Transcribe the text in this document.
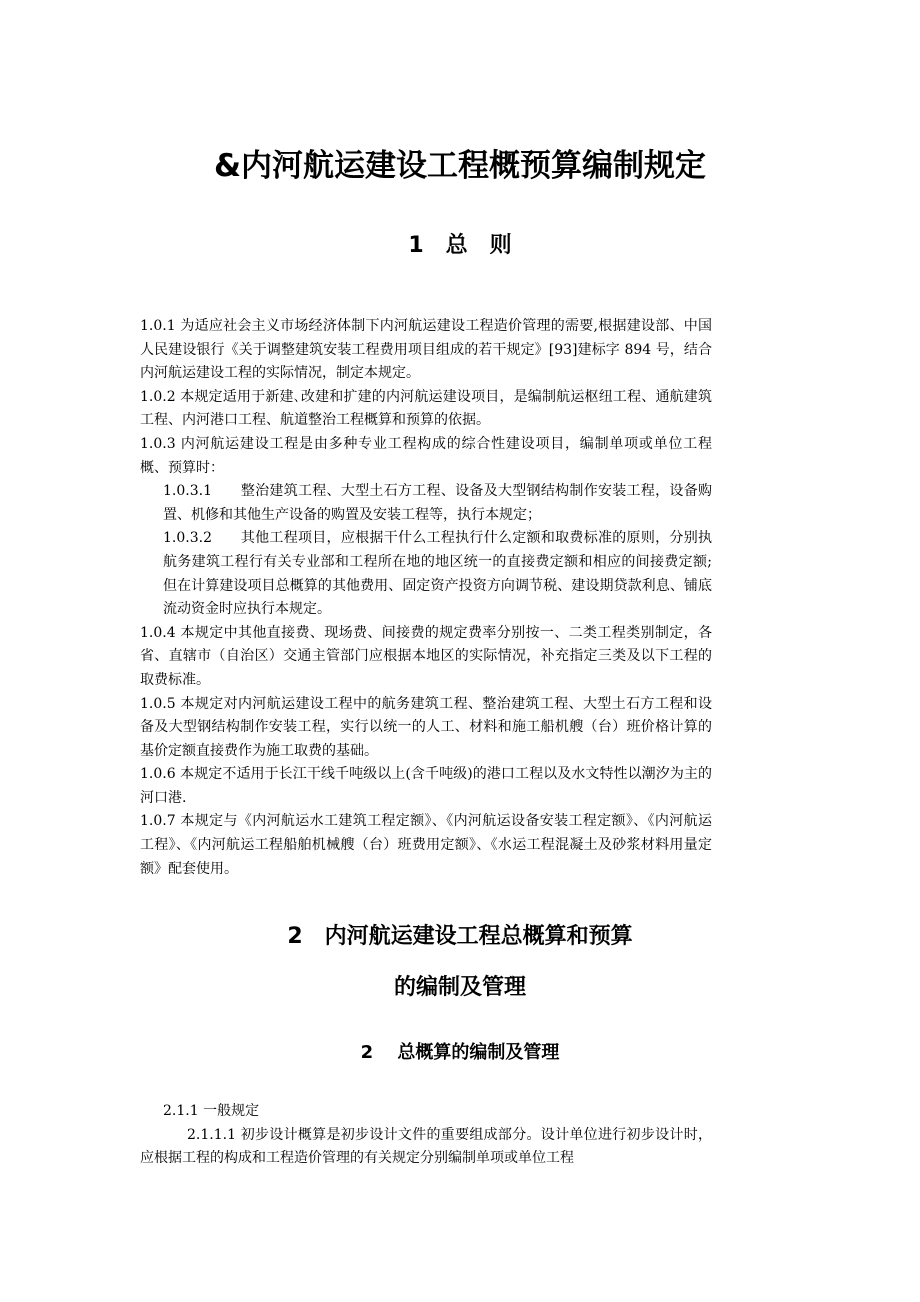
&内河航运建设工程概预算编制规定
1　总　则

1.0.1 为适应社会主义市场经济体制下内河航运建设工程造价管理的需要,根据建设部、中国人民建设银行《关于调整建筑安装工程费用项目组成的若干规定》[93]建标字 894 号，结合内河航运建设工程的实际情况，制定本规定。

1.0.2 本规定适用于新建､改建和扩建的内河航运建设项目，是编制航运枢纽工程、通航建筑工程、内河港口工程、航道整治工程概算和预算的依据。

1.0.3 内河航运建设工程是由多种专业工程构成的综合性建设项目，编制单项或单位工程概、预算时：

1.0.3.1　　整治建筑工程、大型土石方工程、设备及大型钢结构制作安装工程，设备购置、机修和其他生产设备的购置及安装工程等，执行本规定；

1.0.3.2　　其他工程项目，应根据干什么工程执行什么定额和取费标准的原则，分别执航务建筑工程行有关专业部和工程所在地的地区统一的直接费定额和相应的间接费定额; 但在计算建设项目总概算的其他费用、固定资产投资方向调节税、建设期贷款利息、铺底流动资金时应执行本规定。

1.0.4 本规定中其他直接费、现场费、间接费的规定费率分别按一、二类工程类别制定，各省、直辖市（自治区）交通主管部门应根据本地区的实际情况，补充指定三类及以下工程的取费标准。

1.0.5 本规定对内河航运建设工程中的航务建筑工程、整治建筑工程、大型土石方工程和设备及大型钢结构制作安装工程，实行以统一的人工、材料和施工船机艘（台）班价格计算的基价定额直接费作为施工取费的基础。

1.0.6 本规定不适用于长江干线千吨级以上(含千吨级)的港口工程以及水文特性以潮汐为主的河口港.

1.0.7 本规定与《内河航运水工建筑工程定额》、《内河航运设备安装工程定额》、《内河航运工程》、《内河航运工程船舶机械艘（台）班费用定额》、《水运工程混凝土及砂浆材料用量定额》配套使用。

2　内河航运建设工程总概算和预算
的编制及管理
2　 总概算的编制及管理

2.1.1 一般规定

2.1.1.1 初步设计概算是初步设计文件的重要组成部分。设计单位进行初步设计时，应根据工程的构成和工程造价管理的有关规定分别编制单项或单位工程
